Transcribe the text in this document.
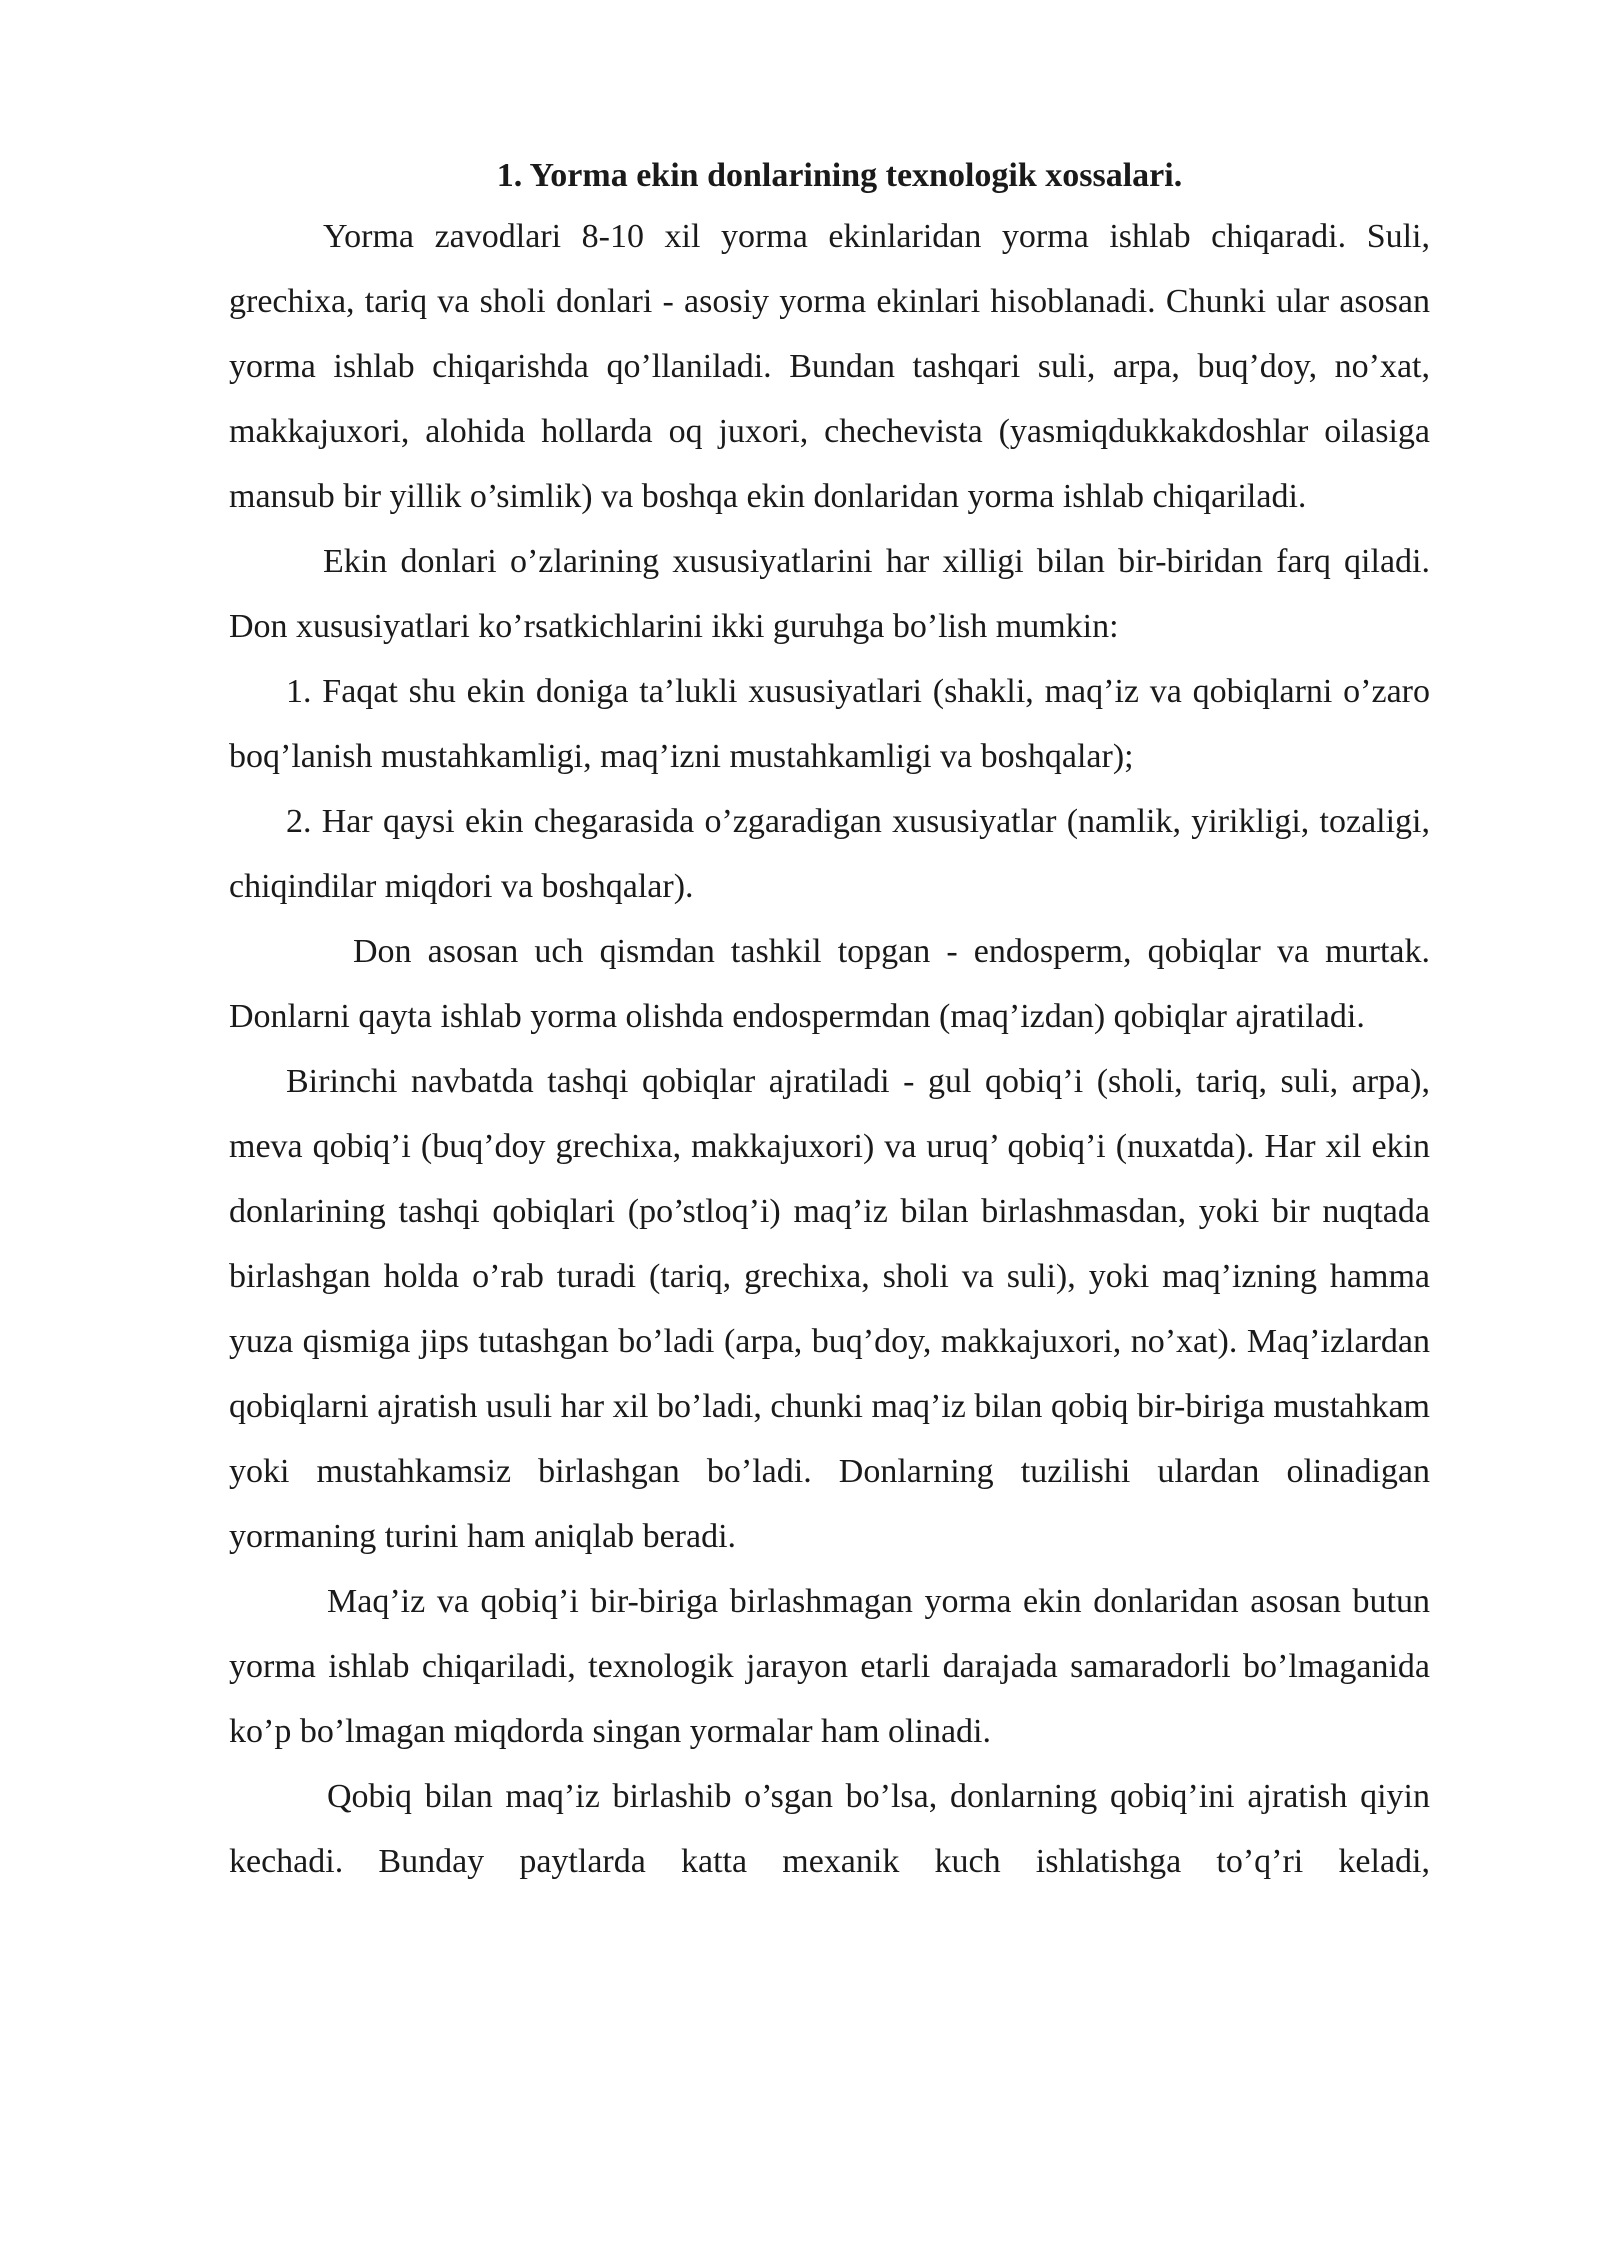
1. Yorma ekin donlarining texnologik xossalari.

Yorma zavodlari 8-10 xil yorma ekinlaridan yorma ishlab chiqaradi. Suli, grechixa, tariq va sholi donlari - asosiy yorma ekinlari hisoblanadi. Chunki ular asosan yorma ishlab chiqarishda qo’llaniladi. Bundan tashqari suli, arpa, buq’doy, no’xat, makkajuxori, alohida hollarda oq juxori, chechevista (yasmiqdukkakdoshlar oilasiga mansub bir yillik o’simlik) va boshqa ekin donlaridan yorma ishlab chiqariladi.

Ekin donlari o’zlarining xususiyatlarini har xilligi bilan bir-biridan farq qiladi. Don xususiyatlari ko’rsatkichlarini ikki guruhga bo’lish mumkin:

1. Faqat shu ekin doniga ta’lukli xususiyatlari (shakli, maq’iz va qobiqlarni o’zaro boq’lanish mustahkamligi, maq’izni mustahkamligi va boshqalar);

2. Har qaysi ekin chegarasida o’zgaradigan xususiyatlar (namlik, yirikligi, tozaligi, chiqindilar miqdori va boshqalar).

Don asosan uch qismdan tashkil topgan - endosperm, qobiqlar va murtak. Donlarni qayta ishlab yorma olishda endospermdan (maq’izdan) qobiqlar ajratiladi.

Birinchi navbatda tashqi qobiqlar ajratiladi - gul qobiq’i (sholi, tariq, suli, arpa), meva qobiq’i (buq’doy grechixa, makkajuxori) va uruq’ qobiq’i (nuxatda). Har xil ekin donlarining tashqi qobiqlari (po’stloq’i) maq’iz bilan birlashmasdan, yoki bir nuqtada birlashgan holda o’rab turadi (tariq, grechixa, sholi va suli), yoki maq’izning hamma yuza qismiga jips tutashgan bo’ladi (arpa, buq’doy, makkajuxori, no’xat). Maq’izlardan qobiqlarni ajratish usuli har xil bo’ladi, chunki maq’iz bilan qobiq bir-biriga mustahkam yoki mustahkamsiz birlashgan bo’ladi. Donlarning tuzilishi ulardan olinadigan yormaning turini ham aniqlab beradi.

Maq’iz va qobiq’i bir-biriga birlashmagan yorma ekin donlaridan asosan butun yorma ishlab chiqariladi, texnologik jarayon etarli darajada samaradorli bo’lmaganida ko’p bo’lmagan miqdorda singan yormalar ham olinadi.

Qobiq bilan maq’iz birlashib o’sgan bo’lsa, donlarning qobiq’ini ajratish qiyin kechadi. Bunday paytlarda katta mexanik kuch ishlatishga to’q’ri keladi,
